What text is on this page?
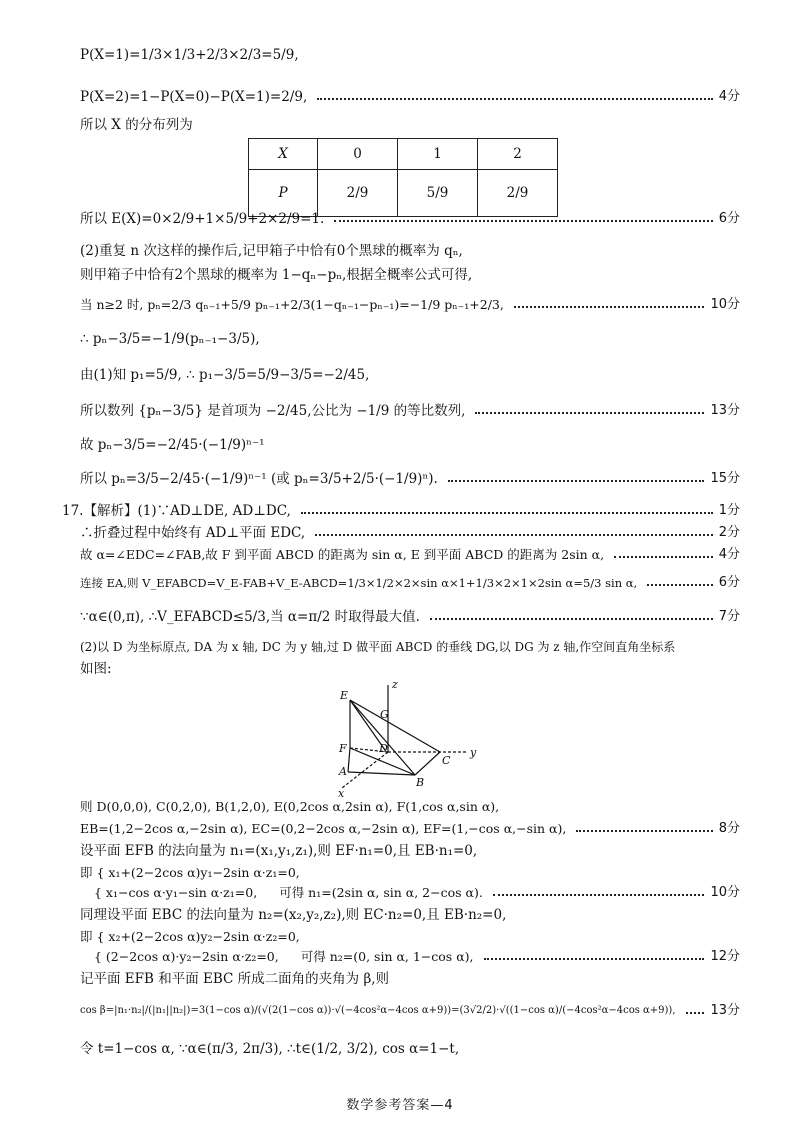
P(X=1)=1/3×1/3+2/3×2/3=5/9,
P(X=2)=1−P(X=0)−P(X=1)=2/9,	4分
所以 X 的分布列为
X	0	1	2
P	2/9	5/9	2/9
所以 E(X)=0×2/9+1×5/9+2×2/9=1.	6分
(2)重复 n 次这样的操作后,记甲箱子中恰有0个黑球的概率为 qₙ,
则甲箱子中恰有2个黑球的概率为 1−qₙ−pₙ,根据全概率公式可得,
当 n≥2 时, pₙ=2/3 qₙ₋₁+5/9 pₙ₋₁+2/3(1−qₙ₋₁−pₙ₋₁)=−1/9 pₙ₋₁+2/3,	10分
∴ pₙ−3/5=−1/9(pₙ₋₁−3/5),
由(1)知 p₁=5/9, ∴ p₁−3/5=5/9−3/5=−2/45,
所以数列 {pₙ−3/5} 是首项为 −2/45,公比为 −1/9 的等比数列,	13分
故 pₙ−3/5=−2/45·(−1/9)ⁿ⁻¹
所以 pₙ=3/5−2/45·(−1/9)ⁿ⁻¹ (或 pₙ=3/5+2/5·(−1/9)ⁿ).	15分
17.【解析】(1)∵AD⊥DE, AD⊥DC,	1分
∴折叠过程中始终有 AD⊥平面 EDC,	2分
故 α=∠EDC=∠FAB,故 F 到平面 ABCD 的距离为 sin α, E 到平面 ABCD 的距离为 2sin α,	4分
连接 EA,则 V_EFABCD=V_E-FAB+V_E-ABCD=1/3×1/2×2×sin α×1+1/3×2×1×2sin α=5/3 sin α,	6分
∵α∈(0,π), ∴V_EFABCD≤5/3,当 α=π/2 时取得最大值.	7分
(2)以 D 为坐标原点, DA 为 x 轴, DC 为 y 轴,过 D 做平面 ABCD 的垂线 DG,以 DG 为 z 轴,作空间直角坐标系
如图:
E
G
z
F	D
C
y
A
B
x
则 D(0,0,0), C(0,2,0), B(1,2,0), E(0,2cos α,2sin α), F(1,cos α,sin α),
EB=(1,2−2cos α,−2sin α), EC=(0,2−2cos α,−2sin α), EF=(1,−cos α,−sin α),	8分
设平面 EFB 的法向量为 n₁=(x₁,y₁,z₁),则 EF·n₁=0,且 EB·n₁=0,
即 { x₁+(2−2cos α)y₁−2sin α·z₁=0,
{ x₁−cos α·y₁−sin α·z₁=0, 可得 n₁=(2sin α, sin α, 2−cos α).	10分
同理设平面 EBC 的法向量为 n₂=(x₂,y₂,z₂),则 EC·n₂=0,且 EB·n₂=0,
即 { x₂+(2−2cos α)y₂−2sin α·z₂=0,
{ (2−2cos α)·y₂−2sin α·z₂=0, 可得 n₂=(0, sin α, 1−cos α),	12分
记平面 EFB 和平面 EBC 所成二面角的夹角为 β,则
cos β=|n₁·n₂|/(|n₁||n₂|)=3(1−cos α)/(√(2(1−cos α))·√(−4cos²α−4cos α+9))=(3√2/2)·√((1−cos α)/(−4cos²α−4cos α+9)),	13分
令 t=1−cos α, ∵α∈(π/3, 2π/3), ∴t∈(1/2, 3/2), cos α=1−t,
数学参考答案—4
